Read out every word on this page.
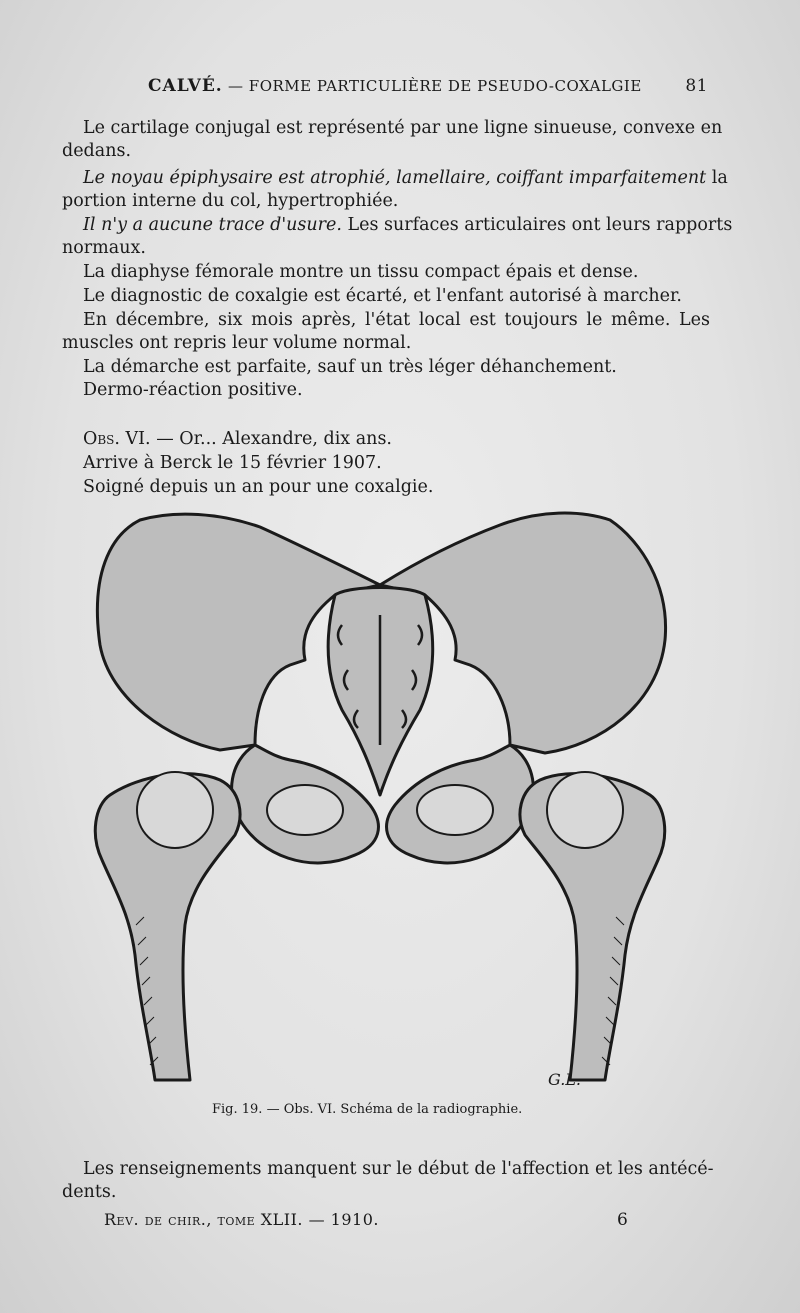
CALVÉ. — FORME PARTICULIÈRE DE PSEUDO-COXALGIE	81
Le cartilage conjugal est représenté par une ligne sinueuse, convexe en
dedans.
Le noyau épiphysaire est atrophié, lamellaire, coiffant imparfaitement la
portion interne du col, hypertrophiée.
Il n'y a aucune trace d'usure. Les surfaces articulaires ont leurs rapports
normaux.
La diaphyse fémorale montre un tissu compact épais et dense.
Le diagnostic de coxalgie est écarté, et l'enfant autorisé à marcher.
En décembre, six mois après, l'état local est toujours le même. Les
muscles ont repris leur volume normal.
La démarche est parfaite, sauf un très léger déhanchement.
Dermo-réaction positive.
Obs. VI. — Or... Alexandre, dix ans.
Arrive à Berck le 15 février 1907.
Soigné depuis un an pour une coxalgie.
G.L.
Fig. 19. — Obs. VI. Schéma de la radiographie.
Les renseignements manquent sur le début de l'affection et les antécé-
dents.
Rev. de chir., tome XLII. — 1910.	6
